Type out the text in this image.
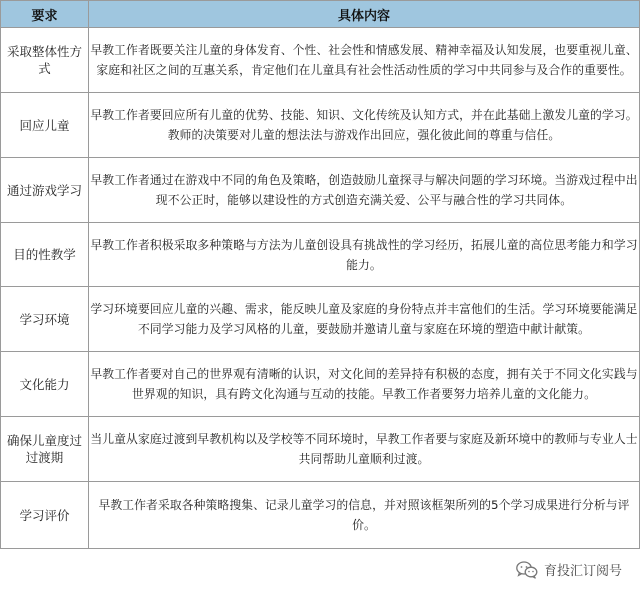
要求	具体内容
采取整体性方式	早教工作者既要关注儿童的身体发育、个性、社会性和情感发展、精神幸福及认知发展，也要重视儿童、家庭和社区之间的互惠关系，肯定他们在儿童具有社会性活动性质的学习中共同参与及合作的重要性。
回应儿童	早教工作者要回应所有儿童的优势、技能、知识、文化传统及认知方式，并在此基础上激发儿童的学习。教师的决策要对儿童的想法法与游戏作出回应，强化彼此间的尊重与信任。
通过游戏学习	早教工作者通过在游戏中不同的角色及策略，创造鼓励儿童探寻与解决问题的学习环境。当游戏过程中出现不公正时，能够以建设性的方式创造充满关爱、公平与融合性的学习共同体。
目的性教学	早教工作者积极采取多种策略与方法为儿童创设具有挑战性的学习经历，拓展儿童的高位思考能力和学习能力。
学习环境	学习环境要回应儿童的兴趣、需求，能反映儿童及家庭的身份特点并丰富他们的生活。学习环境要能满足不同学习能力及学习风格的儿童，要鼓励并邀请儿童与家庭在环境的塑造中献计献策。
文化能力	早教工作者要对自己的世界观有清晰的认识，对文化间的差异持有积极的态度，拥有关于不同文化实践与世界观的知识，具有跨文化沟通与互动的技能。早教工作者要努力培养儿童的文化能力。
确保儿童度过过渡期	当儿童从家庭过渡到早教机构以及学校等不同环境时，早教工作者要与家庭及新环境中的教师与专业人士共同帮助儿童顺利过渡。
学习评价	早教工作者采取各种策略搜集、记录儿童学习的信息，并对照该框架所列的5个学习成果进行分析与评价。
育投汇订阅号
